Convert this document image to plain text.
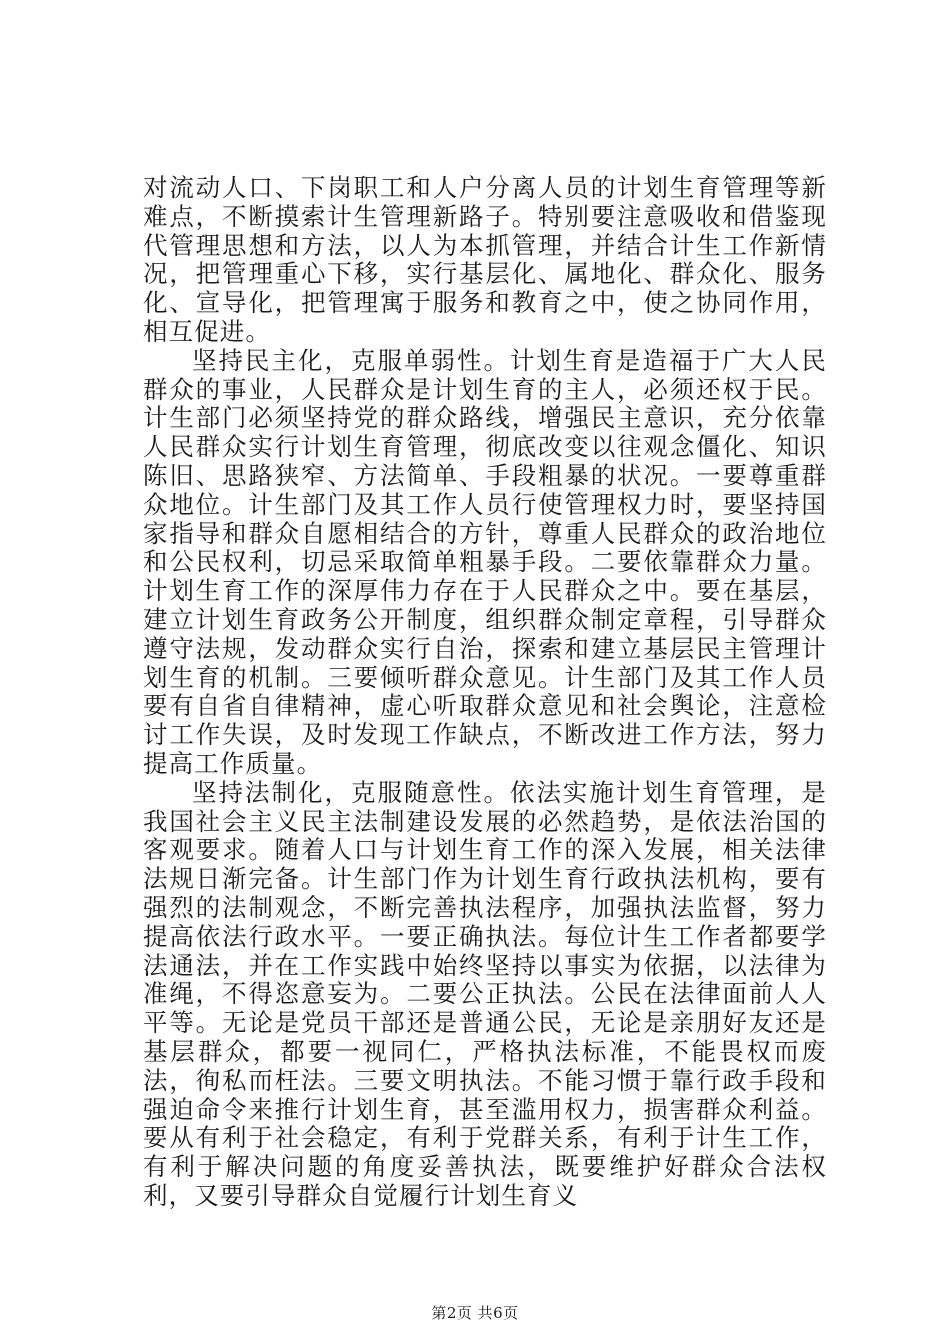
对流动人口、下岗职工和人户分离人员的计划生育管理等新难点，不断摸索计生管理新路子。特别要注意吸收和借鉴现代管理思想和方法，以人为本抓管理，并结合计生工作新情况，把管理重心下移，实行基层化、属地化、群众化、服务化、宣导化，把管理寓于服务和教育之中，使之协同作用，相互促进。

坚持民主化，克服单弱性。计划生育是造福于广大人民群众的事业，人民群众是计划生育的主人，必须还权于民。计生部门必须坚持党的群众路线，增强民主意识，充分依靠人民群众实行计划生育管理，彻底改变以往观念僵化、知识陈旧、思路狭窄、方法简单、手段粗暴的状况。一要尊重群众地位。计生部门及其工作人员行使管理权力时，要坚持国家指导和群众自愿相结合的方针，尊重人民群众的政治地位和公民权利，切忌采取简单粗暴手段。二要依靠群众力量。计划生育工作的深厚伟力存在于人民群众之中。要在基层，建立计划生育政务公开制度，组织群众制定章程，引导群众遵守法规，发动群众实行自治，探索和建立基层民主管理计划生育的机制。三要倾听群众意见。计生部门及其工作人员要有自省自律精神，虚心听取群众意见和社会舆论，注意检讨工作失误，及时发现工作缺点，不断改进工作方法，努力提高工作质量。

坚持法制化，克服随意性。依法实施计划生育管理，是我国社会主义民主法制建设发展的必然趋势，是依法治国的客观要求。随着人口与计划生育工作的深入发展，相关法律法规日渐完备。计生部门作为计划生育行政执法机构，要有强烈的法制观念，不断完善执法程序，加强执法监督，努力提高依法行政水平。一要正确执法。每位计生工作者都要学法通法，并在工作实践中始终坚持以事实为依据，以法律为准绳，不得恣意妄为。二要公正执法。公民在法律面前人人平等。无论是党员干部还是普通公民，无论是亲朋好友还是基层群众，都要一视同仁，严格执法标准，不能畏权而废法，徇私而枉法。三要文明执法。不能习惯于靠行政手段和强迫命令来推行计划生育，甚至滥用权力，损害群众利益。要从有利于社会稳定，有利于党群关系，有利于计生工作，有利于解决问题的角度妥善执法，既要维护好群众合法权利，又要引导群众自觉履行计划生育义

第2页 共6页
